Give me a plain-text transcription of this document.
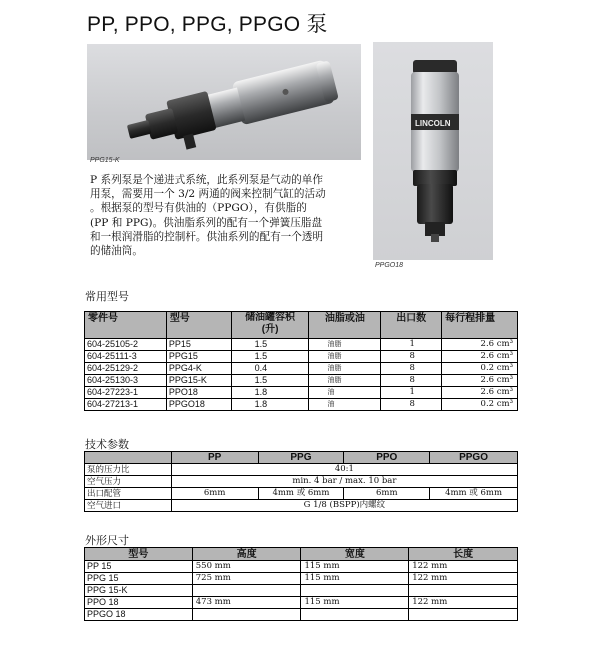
PP, PPO, PPG, PPGO 泵
PPG15-K
LINCOLN
PPGO18

P 系列泵是个递进式系统，此系列泵是气动的单作

用泵，需要用一个 3/2 两通的阀来控制气缸的活动

。根据泵的型号有供油的（PPGO），有供脂的

(PP 和 PPG)。供油脂系列的配有一个弹簧压脂盘

和一根润滑脂的控制杆。供油系列的配有一个透明

的储油筒。

常用型号
零件号	型号	储油罐容积
(升)	油脂或油	出口数	每行程排量
604-25105-2	PP15	1.5	油脂	1	2.6 cm³
604-25111-3	PPG15	1.5	油脂	8	2.6 cm³
604-25129-2	PPG4-K	0.4	油脂	8	0.2 cm³
604-25130-3	PPG15-K	1.5	油脂	8	2.6 cm³
604-27223-1	PPO18	1.8	油	1	2.6 cm³
604-27213-1	PPGO18	1.8	油	8	0.2 cm³
技术参数
	PP	PPG	PPO	PPGO
泵的压力比	40:1			
空气压力	min. 4 bar / max. 10 bar			
出口配管	6mm	4mm 或 6mm	6mm	4mm 或 6mm
空气进口	G 1/8 (BSPP)内螺纹			
外形尺寸
型号	高度	宽度	长度
PP 15	550 mm	115 mm	122 mm
PPG 15	725 mm	115 mm	122 mm
PPG 15-K			
PPO 18	473 mm	115 mm	122 mm
PPGO 18			
